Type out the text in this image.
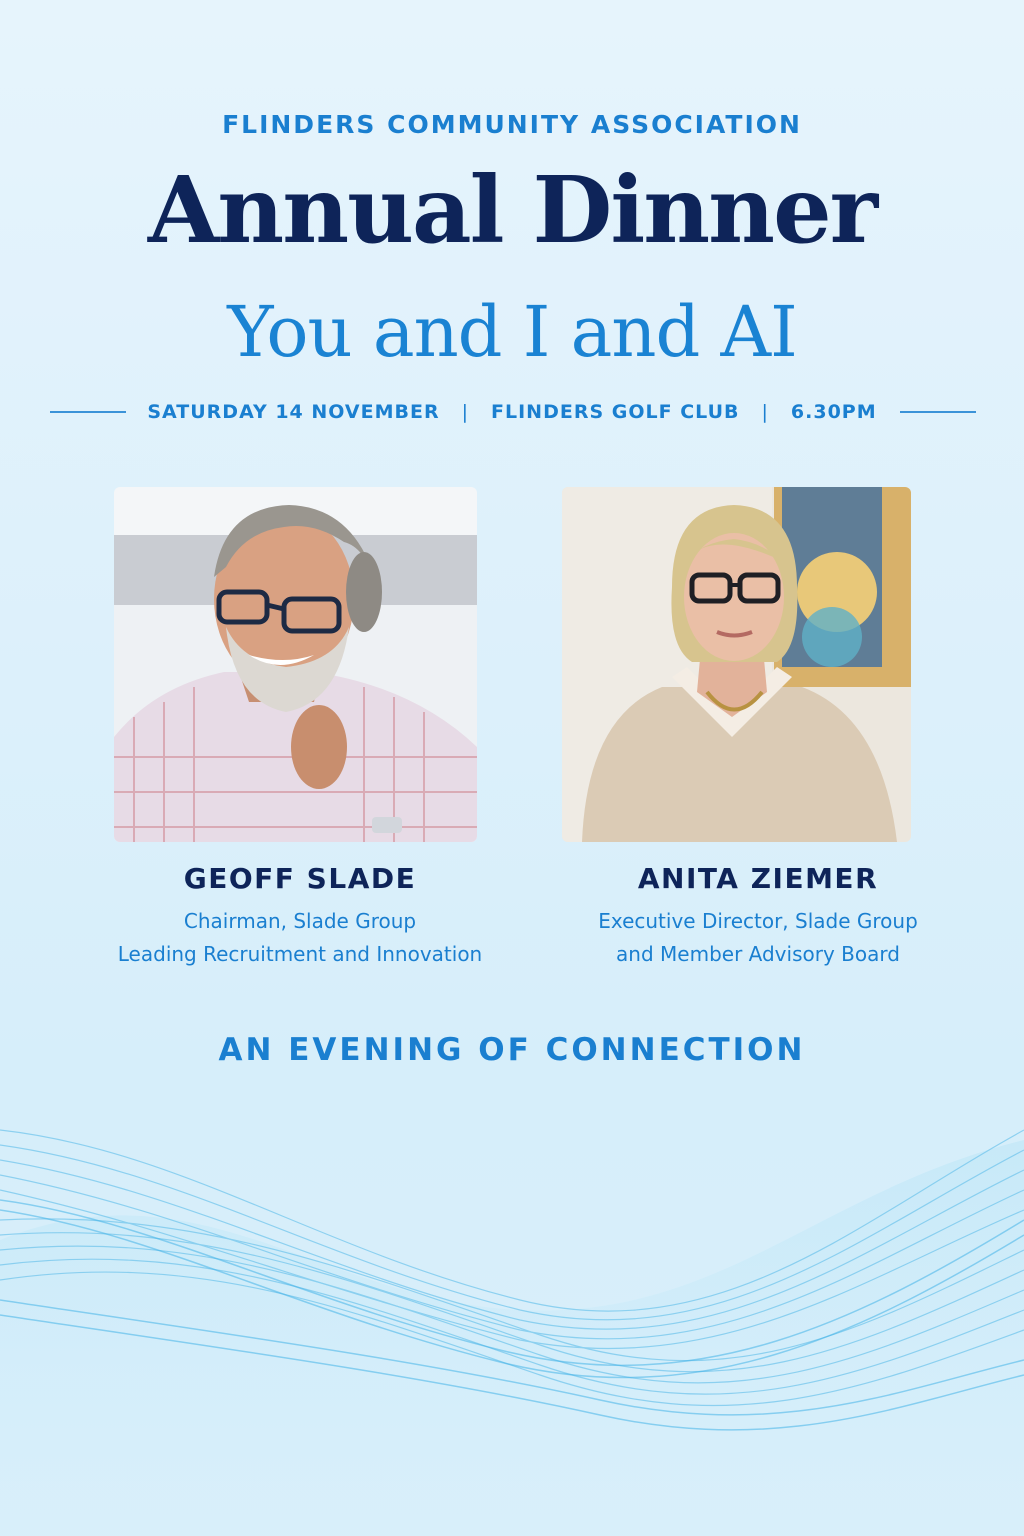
FLINDERS COMMUNITY ASSOCIATION
Annual Dinner
You and I and AI
SATURDAY 14 NOVEMBER | FLINDERS GOLF CLUB | 6.30PM
GEOFF SLADE
Chairman, Slade Group
Leading Recruitment and Innovation
ANITA ZIEMER
Executive Director, Slade Group
and Member Advisory Board
AN EVENING OF CONNECTION
